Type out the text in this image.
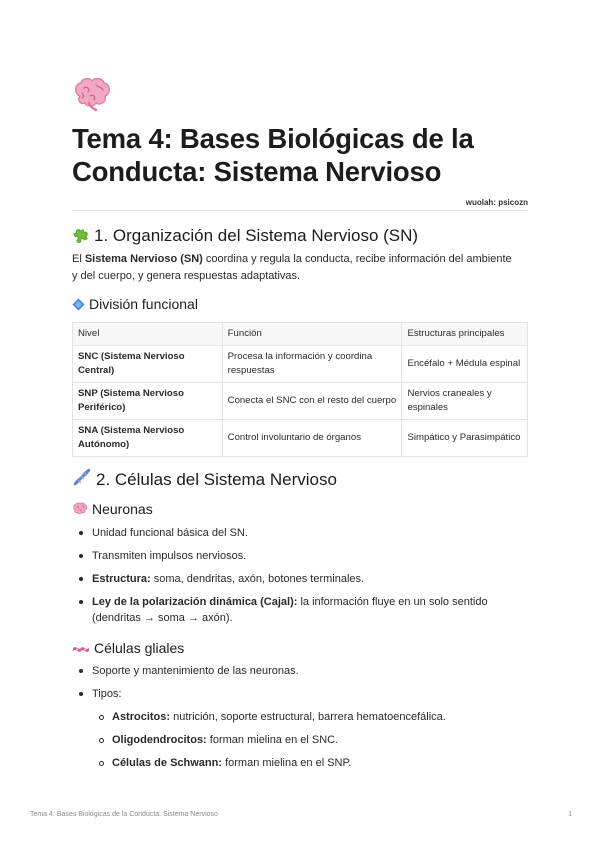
Tema 4: Bases Biológicas de la Conducta: Sistema Nervioso
wuolah: psicozn
1. Organización del Sistema Nervioso (SN)
El Sistema Nervioso (SN) coordina y regula la conducta, recibe información del ambiente y del cuerpo, y genera respuestas adaptativas.
División funcional
Nivel	Función	Estructuras principales
SNC (Sistema Nervioso Central)	Procesa la información y coordina respuestas	Encéfalo + Médula espinal
SNP (Sistema Nervioso Periférico)	Conecta el SNC con el resto del cuerpo	Nervios craneales y espinales
SNA (Sistema Nervioso Autónomo)	Control involuntario de órganos	Simpático y Parasimpático
2. Células del Sistema Nervioso
Neuronas
Unidad funcional básica del SN.
Transmiten impulsos nerviosos.
Estructura: soma, dendritas, axón, botones terminales.
Ley de la polarización dinámica (Cajal): la información fluye en un solo sentido (dendritas → soma → axón).
Células gliales
Soporte y mantenimiento de las neuronas.
Tipos:
Astrocitos: nutrición, soporte estructural, barrera hematoencefálica.
Oligodendrocitos: forman mielina en el SNC.
Células de Schwann: forman mielina en el SNP.
Tema 4: Bases Biológicas de la Conducta: Sistema Nervioso	1
